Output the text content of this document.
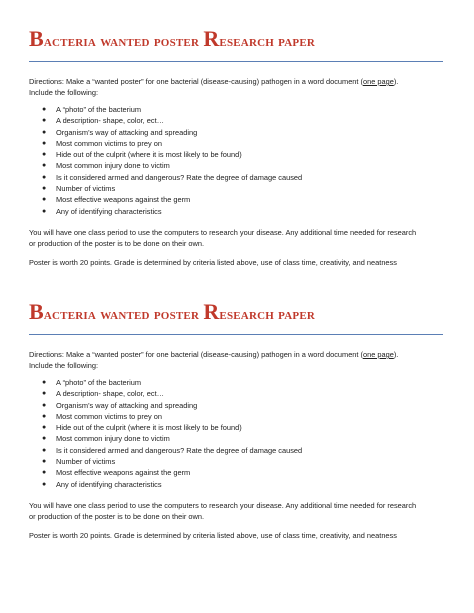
Bacteria wanted poster Research paper

Directions: Make a “wanted poster” for one bacterial (disease-causing) pathogen in a word document (one page).
Include the following:

● A “photo” of the bacterium
● A description- shape, color, ect…
● Organism’s way of attacking and spreading
● Most common victims to prey on
● Hide out of the culprit (where it is most likely to be found)
● Most common injury done to victim
● Is it considered armed and dangerous? Rate the degree of damage caused
● Number of victims
● Most effective weapons against the germ
● Any of identifying characteristics

You will have one class period to use the computers to research your disease. Any additional time needed for research
or production of the poster is to be done on their own.

Poster is worth 20 points. Grade is determined by criteria listed above, use of class time, creativity, and neatness

Bacteria wanted poster Research paper

Directions: Make a “wanted poster” for one bacterial (disease-causing) pathogen in a word document (one page).
Include the following:

● A “photo” of the bacterium
● A description- shape, color, ect…
● Organism’s way of attacking and spreading
● Most common victims to prey on
● Hide out of the culprit (where it is most likely to be found)
● Most common injury done to victim
● Is it considered armed and dangerous? Rate the degree of damage caused
● Number of victims
● Most effective weapons against the germ
● Any of identifying characteristics

You will have one class period to use the computers to research your disease. Any additional time needed for research
or production of the poster is to be done on their own.

Poster is worth 20 points. Grade is determined by criteria listed above, use of class time, creativity, and neatness
